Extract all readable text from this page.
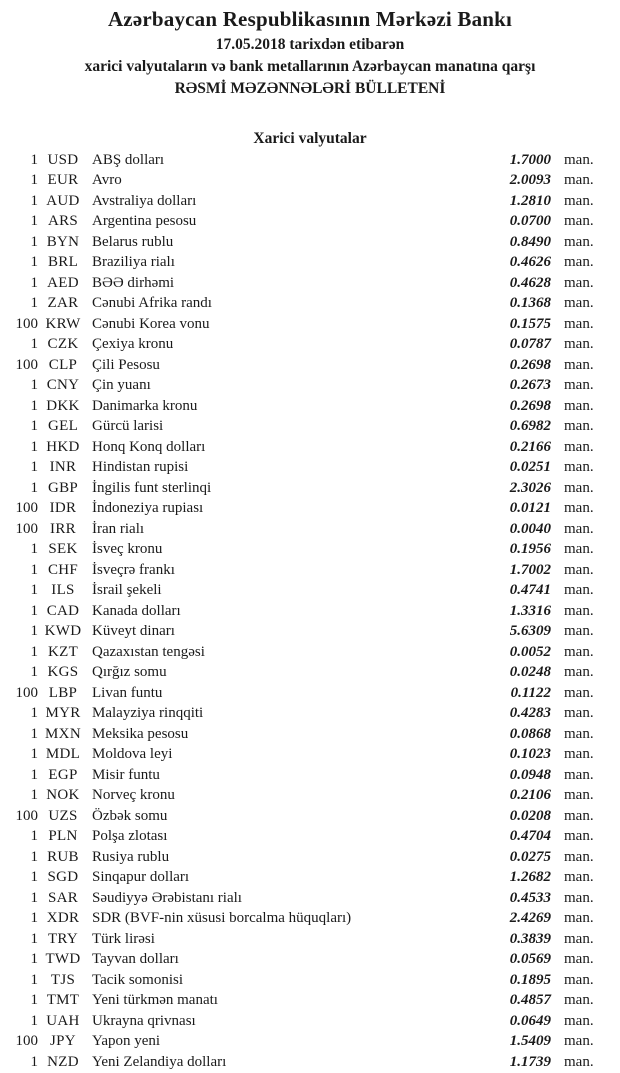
Azərbaycan Respublikasının Mərkəzi Bankı
17.05.2018 tarixdən etibarən
xarici valyutaların və bank metallarının Azərbaycan manatına qarşı
RƏSMİ MƏZƏNNƏLƏRİ BÜLLETENİ
Xarici valyutalar
1 USD ABŞ dolları	1.7000 man.
1 EUR Avro	2.0093 man.
1 AUD Avstraliya dolları	1.2810 man.
1 ARS Argentina pesosu	0.0700 man.
1 BYN Belarus rublu	0.8490 man.
1 BRL Braziliya rialı	0.4626 man.
1 AED BƏƏ dirhəmi	0.4628 man.
1 ZAR Cənubi Afrika randı	0.1368 man.
100 KRW Cənubi Korea vonu	0.1575 man.
1 CZK Çexiya kronu	0.0787 man.
100 CLP Çili Pesosu	0.2698 man.
1 CNY Çin yuanı	0.2673 man.
1 DKK Danimarka kronu	0.2698 man.
1 GEL Gürcü larisi	0.6982 man.
1 HKD Honq Konq dolları	0.2166 man.
1 INR	Hindistan rupisi	0.0251 man.
1 GBP İngilis funt sterlinqi	2.3026 man.
100 IDR	İndoneziya rupiası	0.0121 man.
100 IRR	İran rialı	0.0040 man.
1 SEK İsveç kronu	0.1956 man.
1 CHF İsveçrə frankı	1.7002 man.
1 ILS	İsrail şekeli	0.4741 man.
1 CAD Kanada dolları	1.3316 man.
1 KWD Küveyt dinarı	5.6309 man.
1 KZT Qazaxıstan tengəsi	0.0052 man.
1 KGS Qırğız somu	0.0248 man.
100 LBP Livan funtu	0.1122 man.
1 MYR Malayziya rinqqiti	0.4283 man.
1 MXN Meksika pesosu	0.0868 man.
1 MDL Moldova leyi	0.1023 man.
1 EGP Misir funtu	0.0948 man.
1 NOK Norveç kronu	0.2106 man.
100 UZS Özbək somu	0.0208 man.
1 PLN Polşa zlotası	0.4704 man.
1 RUB Rusiya rublu	0.0275 man.
1 SGD Sinqapur dolları	1.2682 man.
1 SAR Səudiyyə Ərəbistanı rialı	0.4533 man.
1 XDR SDR (BVF-nin xüsusi borcalma hüquqları)	2.4269 man.
1 TRY Türk lirəsi	0.3839 man.
1 TWD Tayvan dolları	0.0569 man.
1 TJS	Tacik somonisi	0.1895 man.
1 TMT Yeni türkmən manatı	0.4857 man.
1 UAH Ukrayna qrivnası	0.0649 man.
100 JPY	Yapon yeni	1.5409 man.
1 NZD Yeni Zelandiya dolları	1.1739 man.
